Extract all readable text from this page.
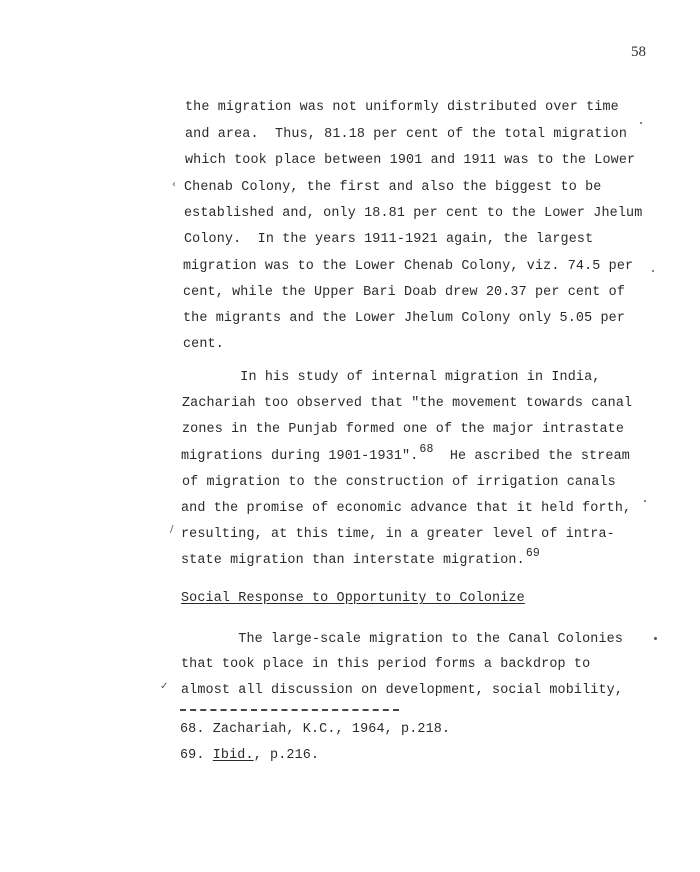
58
the migration was not uniformly distributed over time
and area.  Thus, 81.18 per cent of the total migration
which took place between 1901 and 1911 was to the Lower
Chenab Colony, the first and also the biggest to be
established and, only 18.81 per cent to the Lower Jhelum
Colony.  In the years 1911-1921 again, the largest
migration was to the Lower Chenab Colony, viz. 74.5 per
cent, while the Upper Bari Doab drew 20.37 per cent of
the migrants and the Lower Jhelum Colony only 5.05 per
cent.
In his study of internal migration in India,
Zachariah too observed that "the movement towards canal
zones in the Punjab formed one of the major intrastate
migrations during 1901-1931".68  He ascribed the stream
of migration to the construction of irrigation canals
and the promise of economic advance that it held forth,
resulting, at this time, in a greater level of intra-
state migration than interstate migration.69
Social Response to Opportunity to Colonize
The large-scale migration to the Canal Colonies
that took place in this period forms a backdrop to
almost all discussion on development, social mobility,
68. Zachariah, K.C., 1964, p.218.
69. Ibid., p.216.
‹
/
✓
